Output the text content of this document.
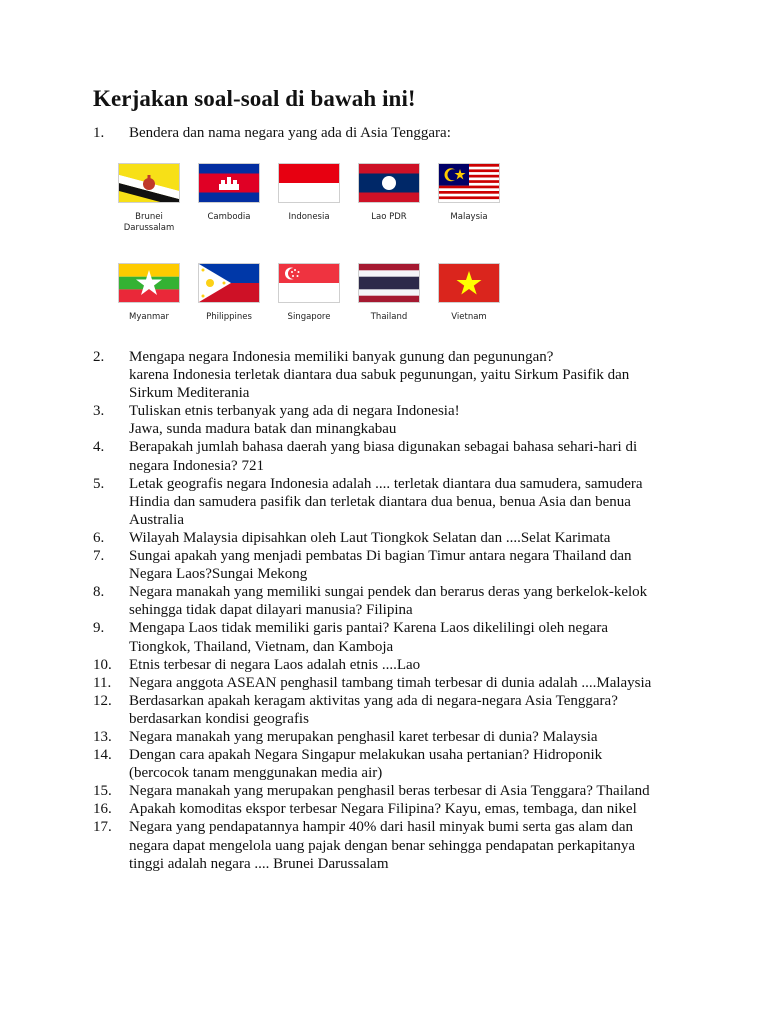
Kerjakan soal-soal di bawah ini!
1.	Bendera dan nama negara yang ada di Asia Tenggara:
Brunei
Darussalam
Cambodia	Indonesia	Lao PDR	Malaysia
Myanmar	Philippines	Singapore	Thailand	Vietnam
2. Mengapa negara Indonesia memiliki banyak gunung dan pegunungan?
karena Indonesia terletak diantara dua sabuk pegunungan, yaitu Sirkum Pasifik dan
Sirkum Mediterania
3. Tuliskan etnis terbanyak yang ada di negara Indonesia!
Jawa, sunda madura batak dan minangkabau
4. Berapakah jumlah bahasa daerah yang biasa digunakan sebagai bahasa sehari-hari di
negara Indonesia? 721
5. Letak geografis negara Indonesia adalah .... terletak diantara dua samudera, samudera
Hindia dan samudera pasifik dan terletak diantara dua benua, benua Asia dan benua
Australia
6. Wilayah Malaysia dipisahkan oleh Laut Tiongkok Selatan dan ....Selat Karimata
7. Sungai apakah yang menjadi pembatas Di bagian Timur antara negara Thailand dan
Negara Laos?Sungai Mekong
8. Negara manakah yang memiliki sungai pendek dan berarus deras yang berkelok-kelok
sehingga tidak dapat dilayari manusia? Filipina
9. Mengapa Laos tidak memiliki garis pantai? Karena Laos dikelilingi oleh negara
Tiongkok, Thailand, Vietnam, dan Kamboja
10. Etnis terbesar di negara Laos adalah etnis ....Lao
11. Negara anggota ASEAN penghasil tambang timah terbesar di dunia adalah ....Malaysia
12. Berdasarkan apakah keragam aktivitas yang ada di negara-negara Asia Tenggara?
berdasarkan kondisi geografis
13. Negara manakah yang merupakan penghasil karet terbesar di dunia? Malaysia
14. Dengan cara apakah Negara Singapur melakukan usaha pertanian? Hidroponik
(bercocok tanam menggunakan media air)
15. Negara manakah yang merupakan penghasil beras terbesar di Asia Tenggara? Thailand
16. Apakah komoditas ekspor terbesar Negara Filipina? Kayu, emas, tembaga, dan nikel
17. Negara yang pendapatannya hampir 40% dari hasil minyak bumi serta gas alam dan
negara dapat mengelola uang pajak dengan benar sehingga pendapatan perkapitanya
tinggi adalah negara .... Brunei Darussalam
